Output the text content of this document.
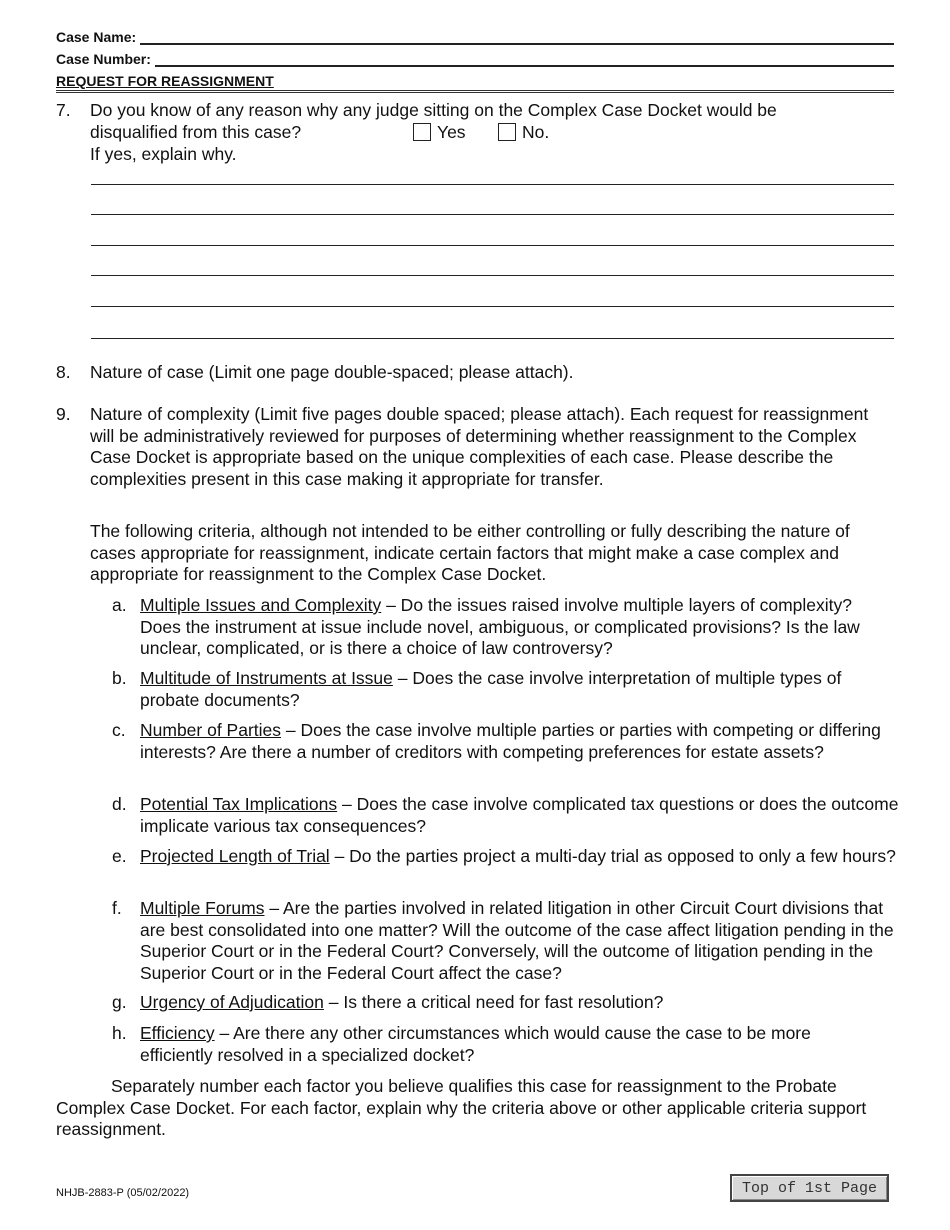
Case Name:
Case Number:
REQUEST FOR REASSIGNMENT
7. Do you know of any reason why any judge sitting on the Complex Case Docket would be
disqualified from this case?	Yes	No.
If yes, explain why.
8. Nature of case (Limit one page double-spaced; please attach).
9. Nature of complexity (Limit five pages double spaced; please attach). Each request for reassignment will be administratively reviewed for purposes of determining whether reassignment to the Complex Case Docket is appropriate based on the unique complexities of each case. Please describe the complexities present in this case making it appropriate for transfer.
The following criteria, although not intended to be either controlling or fully describing the nature of cases appropriate for reassignment, indicate certain factors that might make a case complex and appropriate for reassignment to the Complex Case Docket.
a. Multiple Issues and Complexity – Do the issues raised involve multiple layers of complexity? Does the instrument at issue include novel, ambiguous, or complicated provisions? Is the law unclear, complicated, or is there a choice of law controversy?
b. Multitude of Instruments at Issue – Does the case involve interpretation of multiple types of probate documents?
c. Number of Parties – Does the case involve multiple parties or parties with competing or differing interests? Are there a number of creditors with competing preferences for estate assets?
d. Potential Tax Implications – Does the case involve complicated tax questions or does the outcome implicate various tax consequences?
e. Projected Length of Trial – Do the parties project a multi-day trial as opposed to only a few hours?
f. Multiple Forums – Are the parties involved in related litigation in other Circuit Court divisions that are best consolidated into one matter? Will the outcome of the case affect litigation pending in the Superior Court or in the Federal Court? Conversely, will the outcome of litigation pending in the Superior Court or in the Federal Court affect the case?
g. Urgency of Adjudication – Is there a critical need for fast resolution?
h. Efficiency – Are there any other circumstances which would cause the case to be more efficiently resolved in a specialized docket?
Separately number each factor you believe qualifies this case for reassignment to the Probate Complex Case Docket. For each factor, explain why the criteria above or other applicable criteria support reassignment.
NHJB-2883-P (05/02/2022)	Top of 1st Page
